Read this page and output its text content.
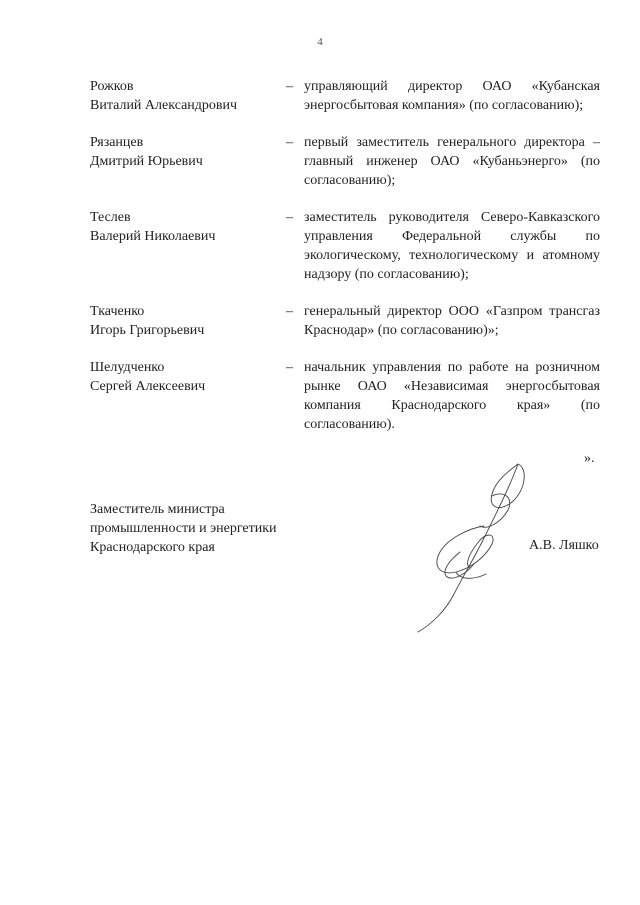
4
Рожков
Виталий Александрович
– управляющий директор ОАО «Кубанская энергосбытовая компания» (по согласованию);
Рязанцев
Дмитрий Юрьевич
– первый заместитель генерального директора – главный инженер ОАО «Кубаньэнерго» (по согласованию);
Теслев
Валерий Николаевич
– заместитель руководителя Северо-Кавказского управления Федеральной службы по экологическому, технологическому и атомному надзору (по согласованию);
Ткаченко
Игорь Григорьевич
– генеральный директор ООО «Газпром трансгаз Краснодар» (по согласованию)»;
Шелудченко
Сергей Алексеевич
– начальник управления по работе на розничном рынке ОАО «Независимая энергосбытовая компания Краснодарского края» (по согласованию).
».
Заместитель министра
промышленности и энергетики
Краснодарского края	А.В. Ляшко
